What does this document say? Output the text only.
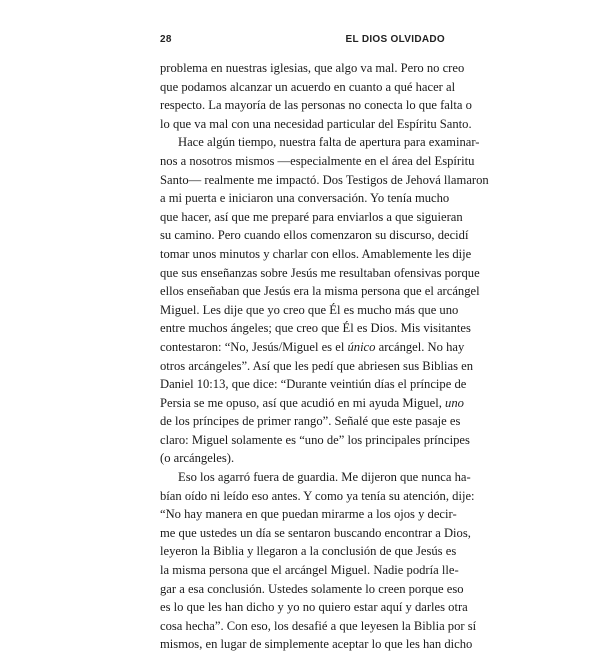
28	EL DIOS OLVIDADO

problema en nuestras iglesias, que algo va mal. Pero no creo
que podamos alcanzar un acuerdo en cuanto a qué hacer al
respecto. La mayoría de las personas no conecta lo que falta o
lo que va mal con una necesidad particular del Espíritu Santo.

Hace algún tiempo, nuestra falta de apertura para examinar-
nos a nosotros mismos —especialmente en el área del Espíritu
Santo— realmente me impactó. Dos Testigos de Jehová llamaron
a mi puerta e iniciaron una conversación. Yo tenía mucho
que hacer, así que me preparé para enviarlos a que siguieran
su camino. Pero cuando ellos comenzaron su discurso, decidí
tomar unos minutos y charlar con ellos. Amablemente les dije
que sus enseñanzas sobre Jesús me resultaban ofensivas porque
ellos enseñaban que Jesús era la misma persona que el arcángel
Miguel. Les dije que yo creo que Él es mucho más que uno
entre muchos ángeles; que creo que Él es Dios. Mis visitantes
contestaron: “No, Jesús/Miguel es el único arcángel. No hay
otros arcángeles”. Así que les pedí que abriesen sus Biblias en
Daniel 10:13, que dice: “Durante veintiún días el príncipe de
Persia se me opuso, así que acudió en mi ayuda Miguel, uno
de los príncipes de primer rango”. Señalé que este pasaje es
claro: Miguel solamente es “uno de” los principales príncipes
(o arcángeles).

Eso los agarró fuera de guardia. Me dijeron que nunca ha-
bían oído ni leído eso antes. Y como ya tenía su atención, dije:
“No hay manera en que puedan mirarme a los ojos y decir-
me que ustedes un día se sentaron buscando encontrar a Dios,
leyeron la Biblia y llegaron a la conclusión de que Jesús es
la misma persona que el arcángel Miguel. Nadie podría lle-
gar a esa conclusión. Ustedes solamente lo creen porque eso
es lo que les han dicho y yo no quiero estar aquí y darles otra
cosa hecha”. Con eso, los desafié a que leyesen la Biblia por sí
mismos, en lugar de simplemente aceptar lo que les han dicho
